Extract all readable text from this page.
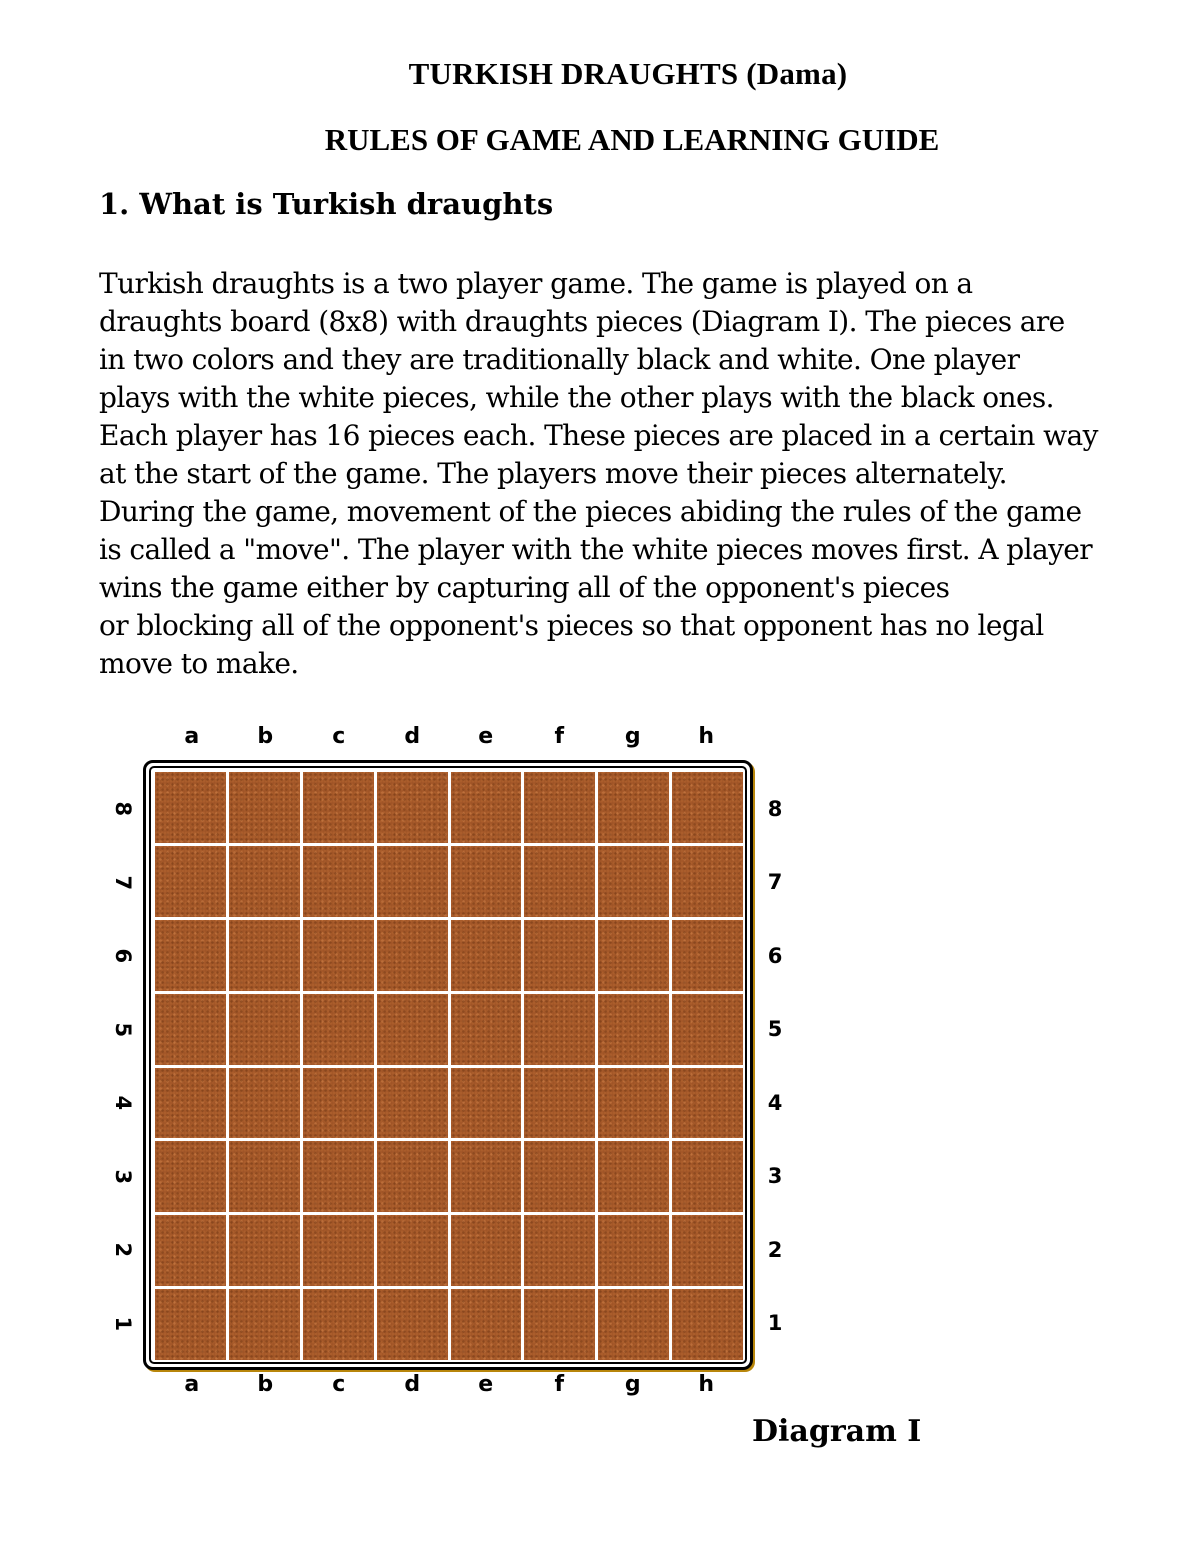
TURKISH DRAUGHTS (Dama)
RULES OF GAME AND LEARNING GUIDE
1. What is Turkish draughts

Turkish draughts is a two player game. The game is played on a
draughts board (8x8) with draughts pieces (Diagram I). The pieces are
in two colors and they are traditionally black and white. One player
plays with the white pieces, while the other plays with the black ones.
Each player has 16 pieces each. These pieces are placed in a certain way
at the start of the game. The players move their pieces alternately.
During the game, movement of the pieces abiding the rules of the game
is called a "move". The player with the white pieces moves first. A player
wins the game either by capturing all of the opponent's pieces
or blocking all of the opponent's pieces so that opponent has no legal
move to make.

a	b	c	d	e	f	g	h
8
7
6
5
4
3
2
1
8
7
6
5
4
3
2
1
a	b	c	d	e	f	g	h

Diagram I
